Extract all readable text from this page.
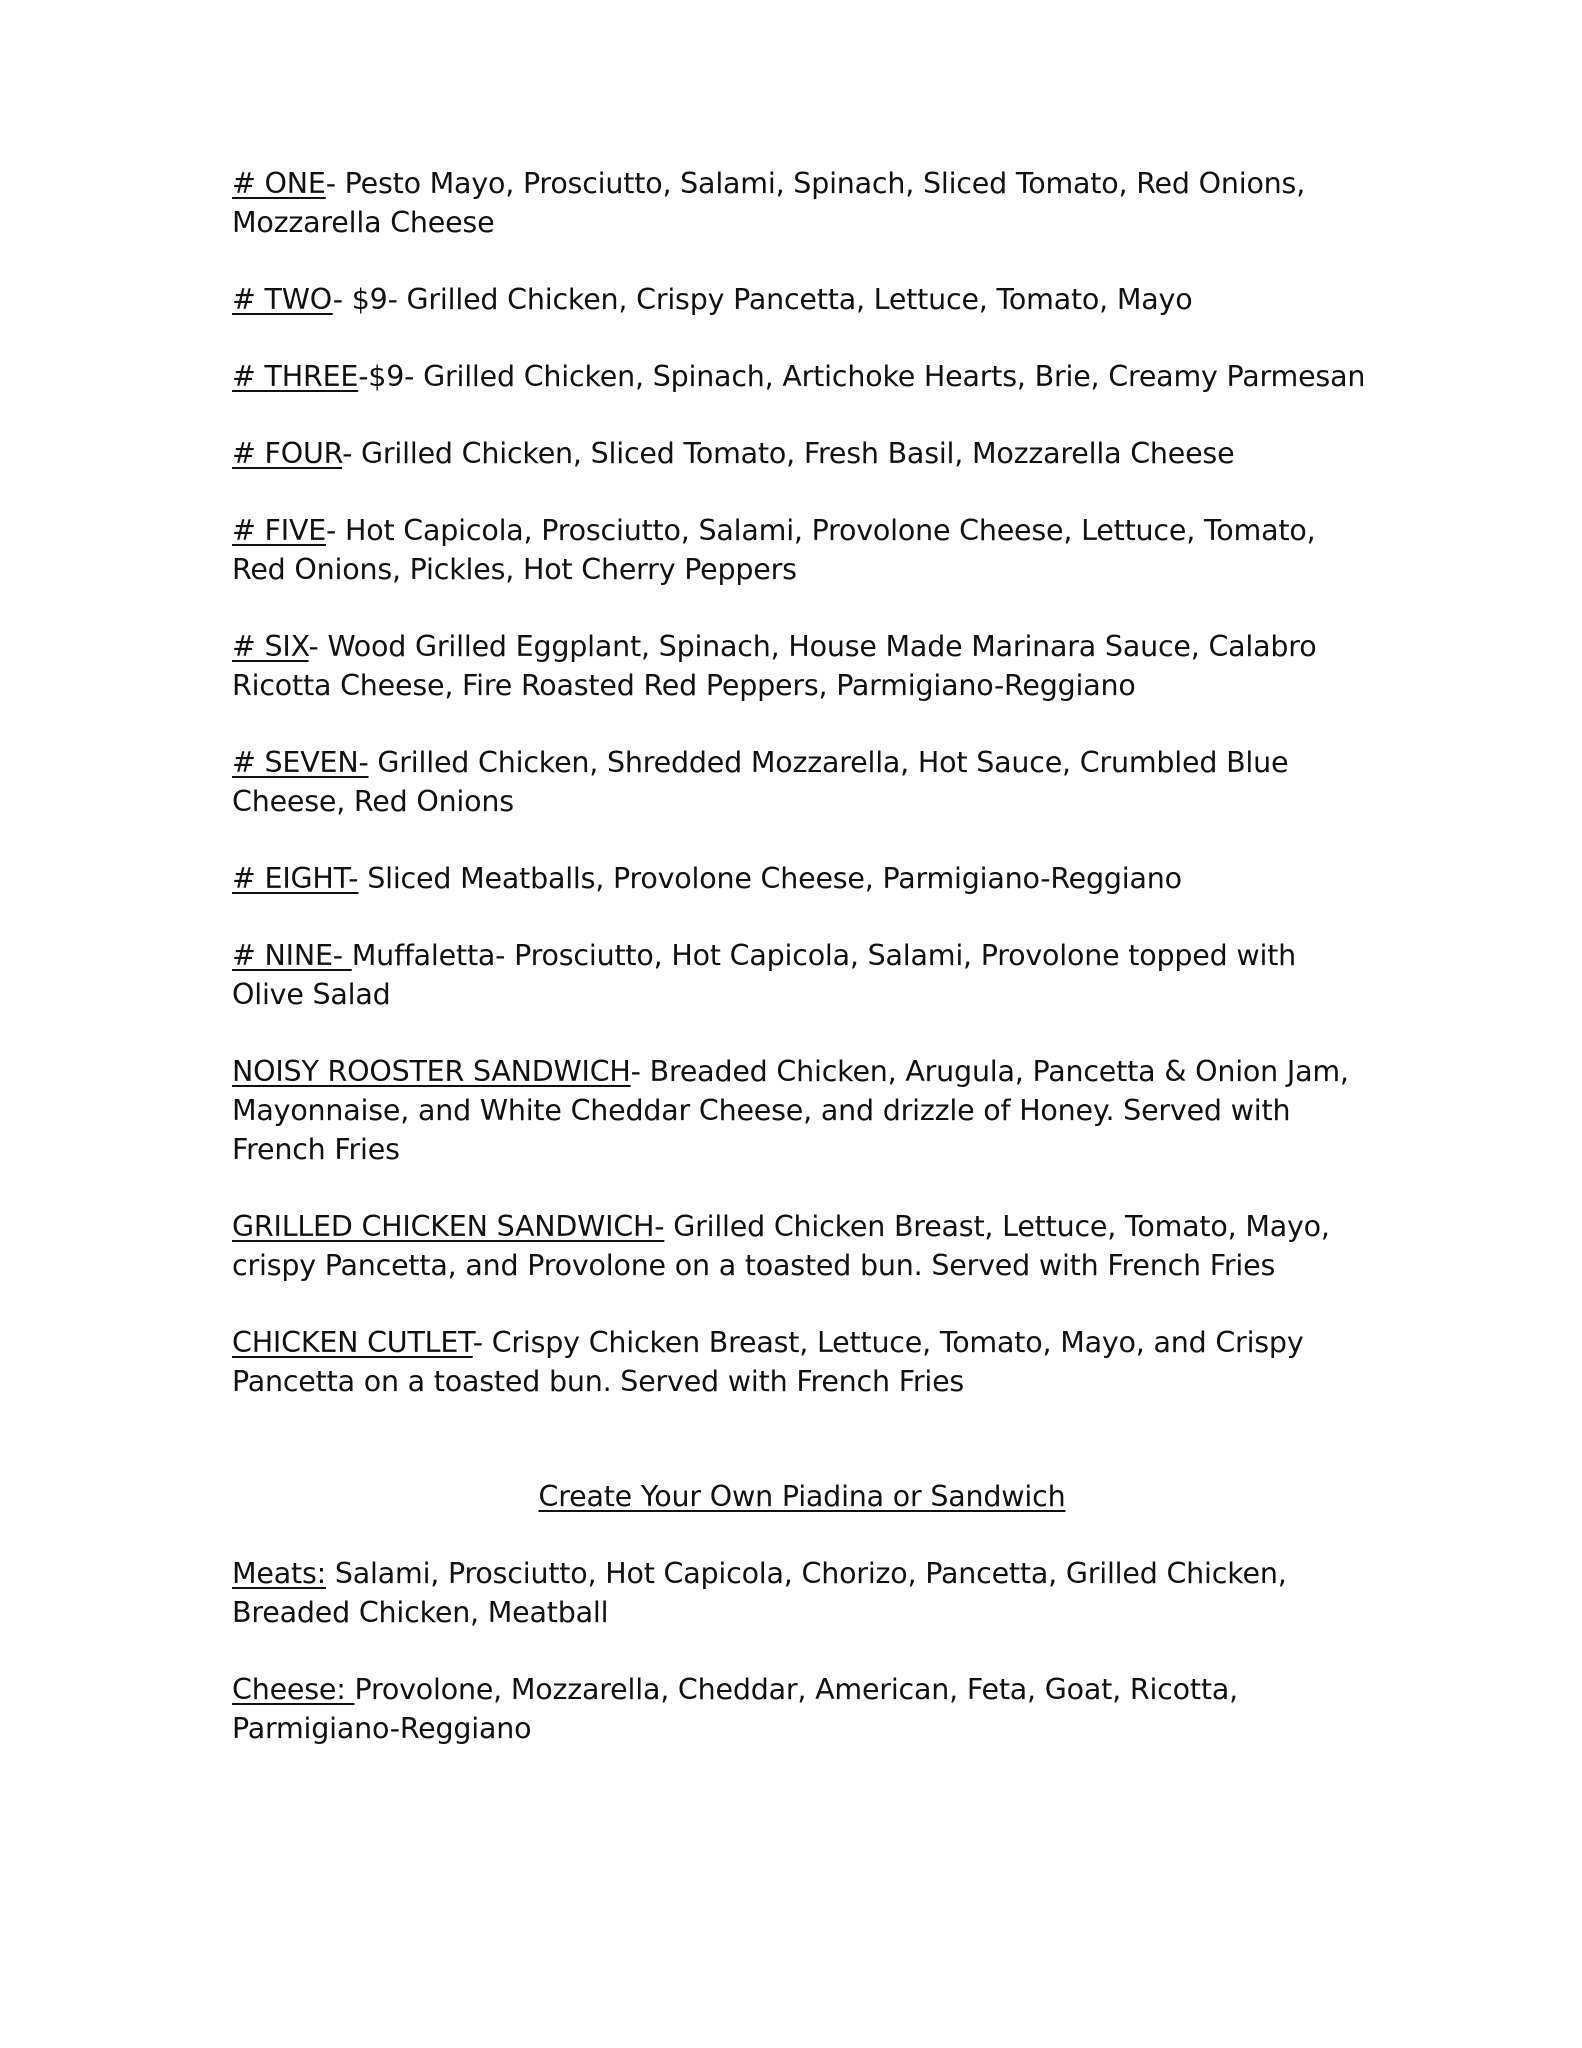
# ONE- Pesto Mayo, Prosciutto, Salami, Spinach, Sliced Tomato, Red Onions, Mozzarella Cheese

# TWO- $9- Grilled Chicken, Crispy Pancetta, Lettuce, Tomato, Mayo

# THREE-$9- Grilled Chicken, Spinach, Artichoke Hearts, Brie, Creamy Parmesan

# FOUR- Grilled Chicken, Sliced Tomato, Fresh Basil, Mozzarella Cheese

# FIVE- Hot Capicola, Prosciutto, Salami, Provolone Cheese, Lettuce, Tomato, Red Onions, Pickles, Hot Cherry Peppers

# SIX- Wood Grilled Eggplant, Spinach, House Made Marinara Sauce, Calabro Ricotta Cheese, Fire Roasted Red Peppers, Parmigiano-Reggiano

# SEVEN- Grilled Chicken, Shredded Mozzarella, Hot Sauce, Crumbled Blue Cheese, Red Onions

# EIGHT- Sliced Meatballs, Provolone Cheese, Parmigiano-Reggiano

# NINE- Muffaletta- Prosciutto, Hot Capicola, Salami, Provolone topped with Olive Salad

NOISY ROOSTER SANDWICH- Breaded Chicken, Arugula, Pancetta & Onion Jam, Mayonnaise, and White Cheddar Cheese, and drizzle of Honey. Served with French Fries

GRILLED CHICKEN SANDWICH- Grilled Chicken Breast, Lettuce, Tomato, Mayo, crispy Pancetta, and Provolone on a toasted bun. Served with French Fries

CHICKEN CUTLET- Crispy Chicken Breast, Lettuce, Tomato, Mayo, and Crispy Pancetta on a toasted bun. Served with French Fries

Create Your Own Piadina or Sandwich

Meats: Salami, Prosciutto, Hot Capicola, Chorizo, Pancetta, Grilled Chicken, Breaded Chicken, Meatball

Cheese: Provolone, Mozzarella, Cheddar, American, Feta, Goat, Ricotta, Parmigiano-Reggiano
